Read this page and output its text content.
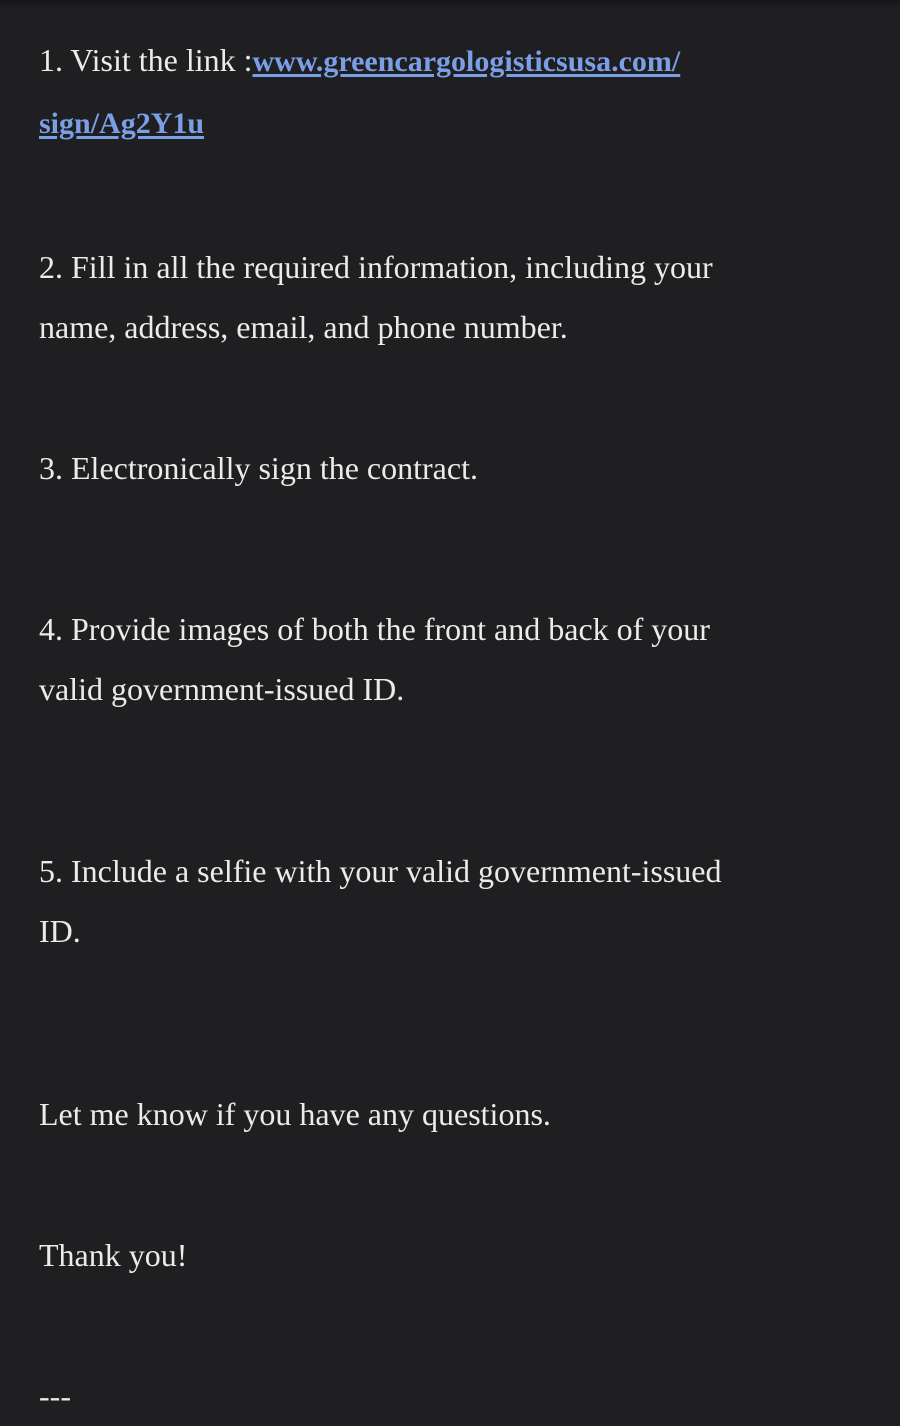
1. Visit the link :www.greencargologisticsusa.com/

sign/Ag2Y1u

2. Fill in all the required information, including your

name, address, email, and phone number.

3. Electronically sign the contract.

4. Provide images of both the front and back of your

valid government-issued ID.

5. Include a selfie with your valid government-issued

ID.

Let me know if you have any questions.

Thank you!

---
